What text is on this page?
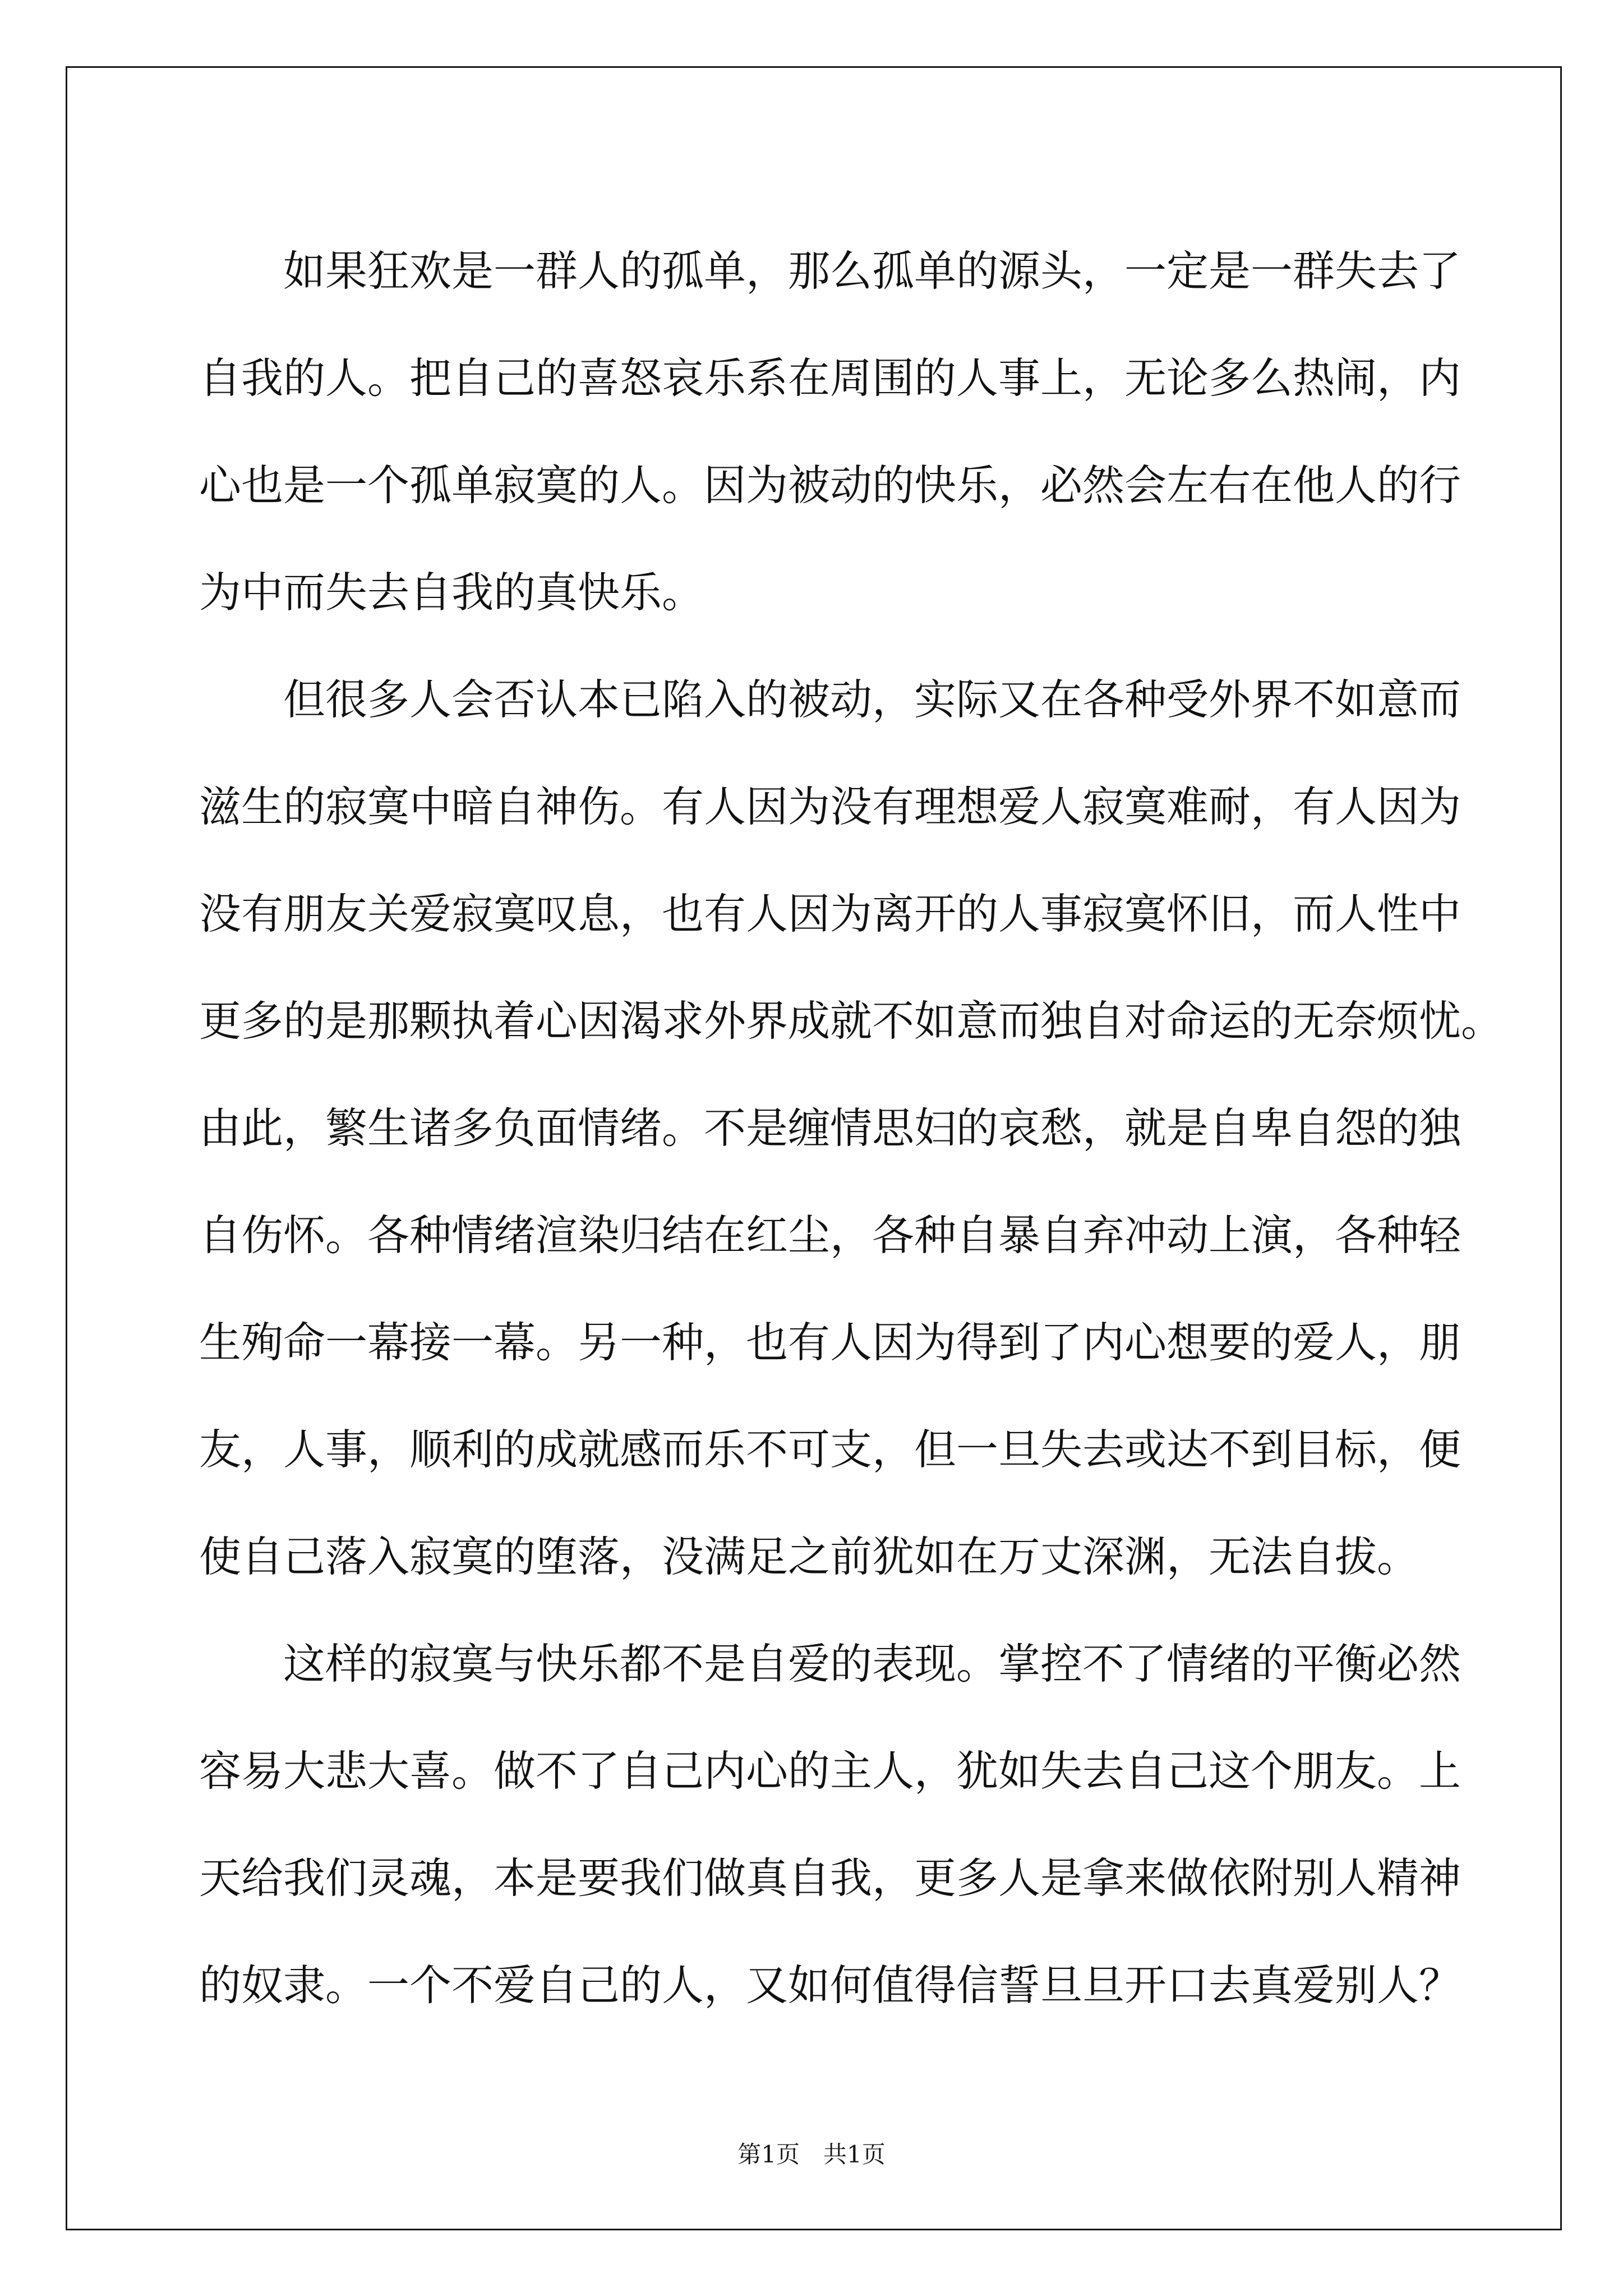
如果狂欢是一群人的孤单，那么孤单的源头，一定是一群失去了
自我的人。把自己的喜怒哀乐系在周围的人事上，无论多么热闹，内
心也是一个孤单寂寞的人。因为被动的快乐，必然会左右在他人的行
为中而失去自我的真快乐。
但很多人会否认本已陷入的被动，实际又在各种受外界不如意而
滋生的寂寞中暗自神伤。有人因为没有理想爱人寂寞难耐，有人因为
没有朋友关爱寂寞叹息，也有人因为离开的人事寂寞怀旧，而人性中
更多的是那颗执着心因渴求外界成就不如意而独自对命运的无奈烦忧。
由此，繁生诸多负面情绪。不是缠情思妇的哀愁，就是自卑自怨的独
自伤怀。各种情绪渲染归结在红尘，各种自暴自弃冲动上演，各种轻
生殉命一幕接一幕。另一种，也有人因为得到了内心想要的爱人，朋
友，人事，顺利的成就感而乐不可支，但一旦失去或达不到目标，便
使自己落入寂寞的堕落，没满足之前犹如在万丈深渊，无法自拔。
这样的寂寞与快乐都不是自爱的表现。掌控不了情绪的平衡必然
容易大悲大喜。做不了自己内心的主人，犹如失去自己这个朋友。上
天给我们灵魂，本是要我们做真自我，更多人是拿来做依附别人精神
的奴隶。一个不爱自己的人，又如何值得信誓旦旦开口去真爱别人？
第1页　共1页
